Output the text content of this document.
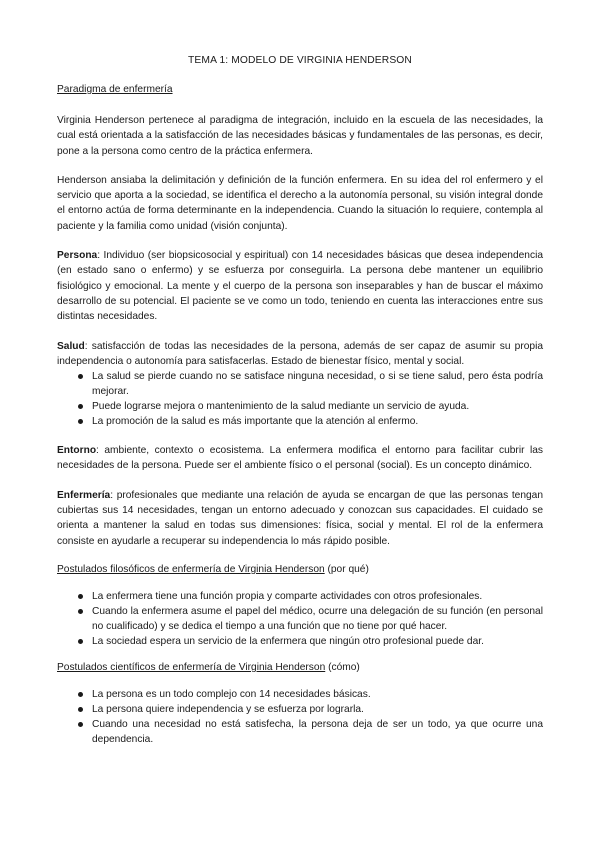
TEMA 1: MODELO DE VIRGINIA HENDERSON

Paradigma de enfermería

Virginia Henderson pertenece al paradigma de integración, incluido en la escuela de las necesidades, la cual está orientada a la satisfacción de las necesidades básicas y fundamentales de las personas, es decir, pone a la persona como centro de la práctica enfermera.

Henderson ansiaba la delimitación y definición de la función enfermera. En su idea del rol enfermero y el servicio que aporta a la sociedad, se identifica el derecho a la autonomía personal, su visión integral donde el entorno actúa de forma determinante en la independencia. Cuando la situación lo requiere, contempla al paciente y la familia como unidad (visión conjunta).

Persona: Individuo (ser biopsicosocial y espiritual) con 14 necesidades básicas que desea independencia (en estado sano o enfermo) y se esfuerza por conseguirla. La persona debe mantener un equilibrio fisiológico y emocional. La mente y el cuerpo de la persona son inseparables y han de buscar el máximo desarrollo de su potencial. El paciente se ve como un todo, teniendo en cuenta las interacciones entre sus distintas necesidades.

Salud: satisfacción de todas las necesidades de la persona, además de ser capaz de asumir su propia independencia o autonomía para satisfacerlas. Estado de bienestar físico, mental y social.

La salud se pierde cuando no se satisface ninguna necesidad, o si se tiene salud, pero ésta podría mejorar.
Puede lograrse mejora o mantenimiento de la salud mediante un servicio de ayuda.
La promoción de la salud es más importante que la atención al enfermo.

Entorno: ambiente, contexto o ecosistema. La enfermera modifica el entorno para facilitar cubrir las necesidades de la persona. Puede ser el ambiente físico o el personal (social). Es un concepto dinámico.

Enfermería: profesionales que mediante una relación de ayuda se encargan de que las personas tengan cubiertas sus 14 necesidades, tengan un entorno adecuado y conozcan sus capacidades. El cuidado se orienta a mantener la salud en todas sus dimensiones: física, social y mental. El rol de la enfermera consiste en ayudarle a recuperar su independencia lo más rápido posible.

Postulados filosóficos de enfermería de Virginia Henderson (por qué)

La enfermera tiene una función propia y comparte actividades con otros profesionales.
Cuando la enfermera asume el papel del médico, ocurre una delegación de su función (en personal no cualificado) y se dedica el tiempo a una función que no tiene por qué hacer.
La sociedad espera un servicio de la enfermera que ningún otro profesional puede dar.

Postulados científicos de enfermería de Virginia Henderson (cómo)

La persona es un todo complejo con 14 necesidades básicas.
La persona quiere independencia y se esfuerza por lograrla.
Cuando una necesidad no está satisfecha, la persona deja de ser un todo, ya que ocurre una dependencia.
